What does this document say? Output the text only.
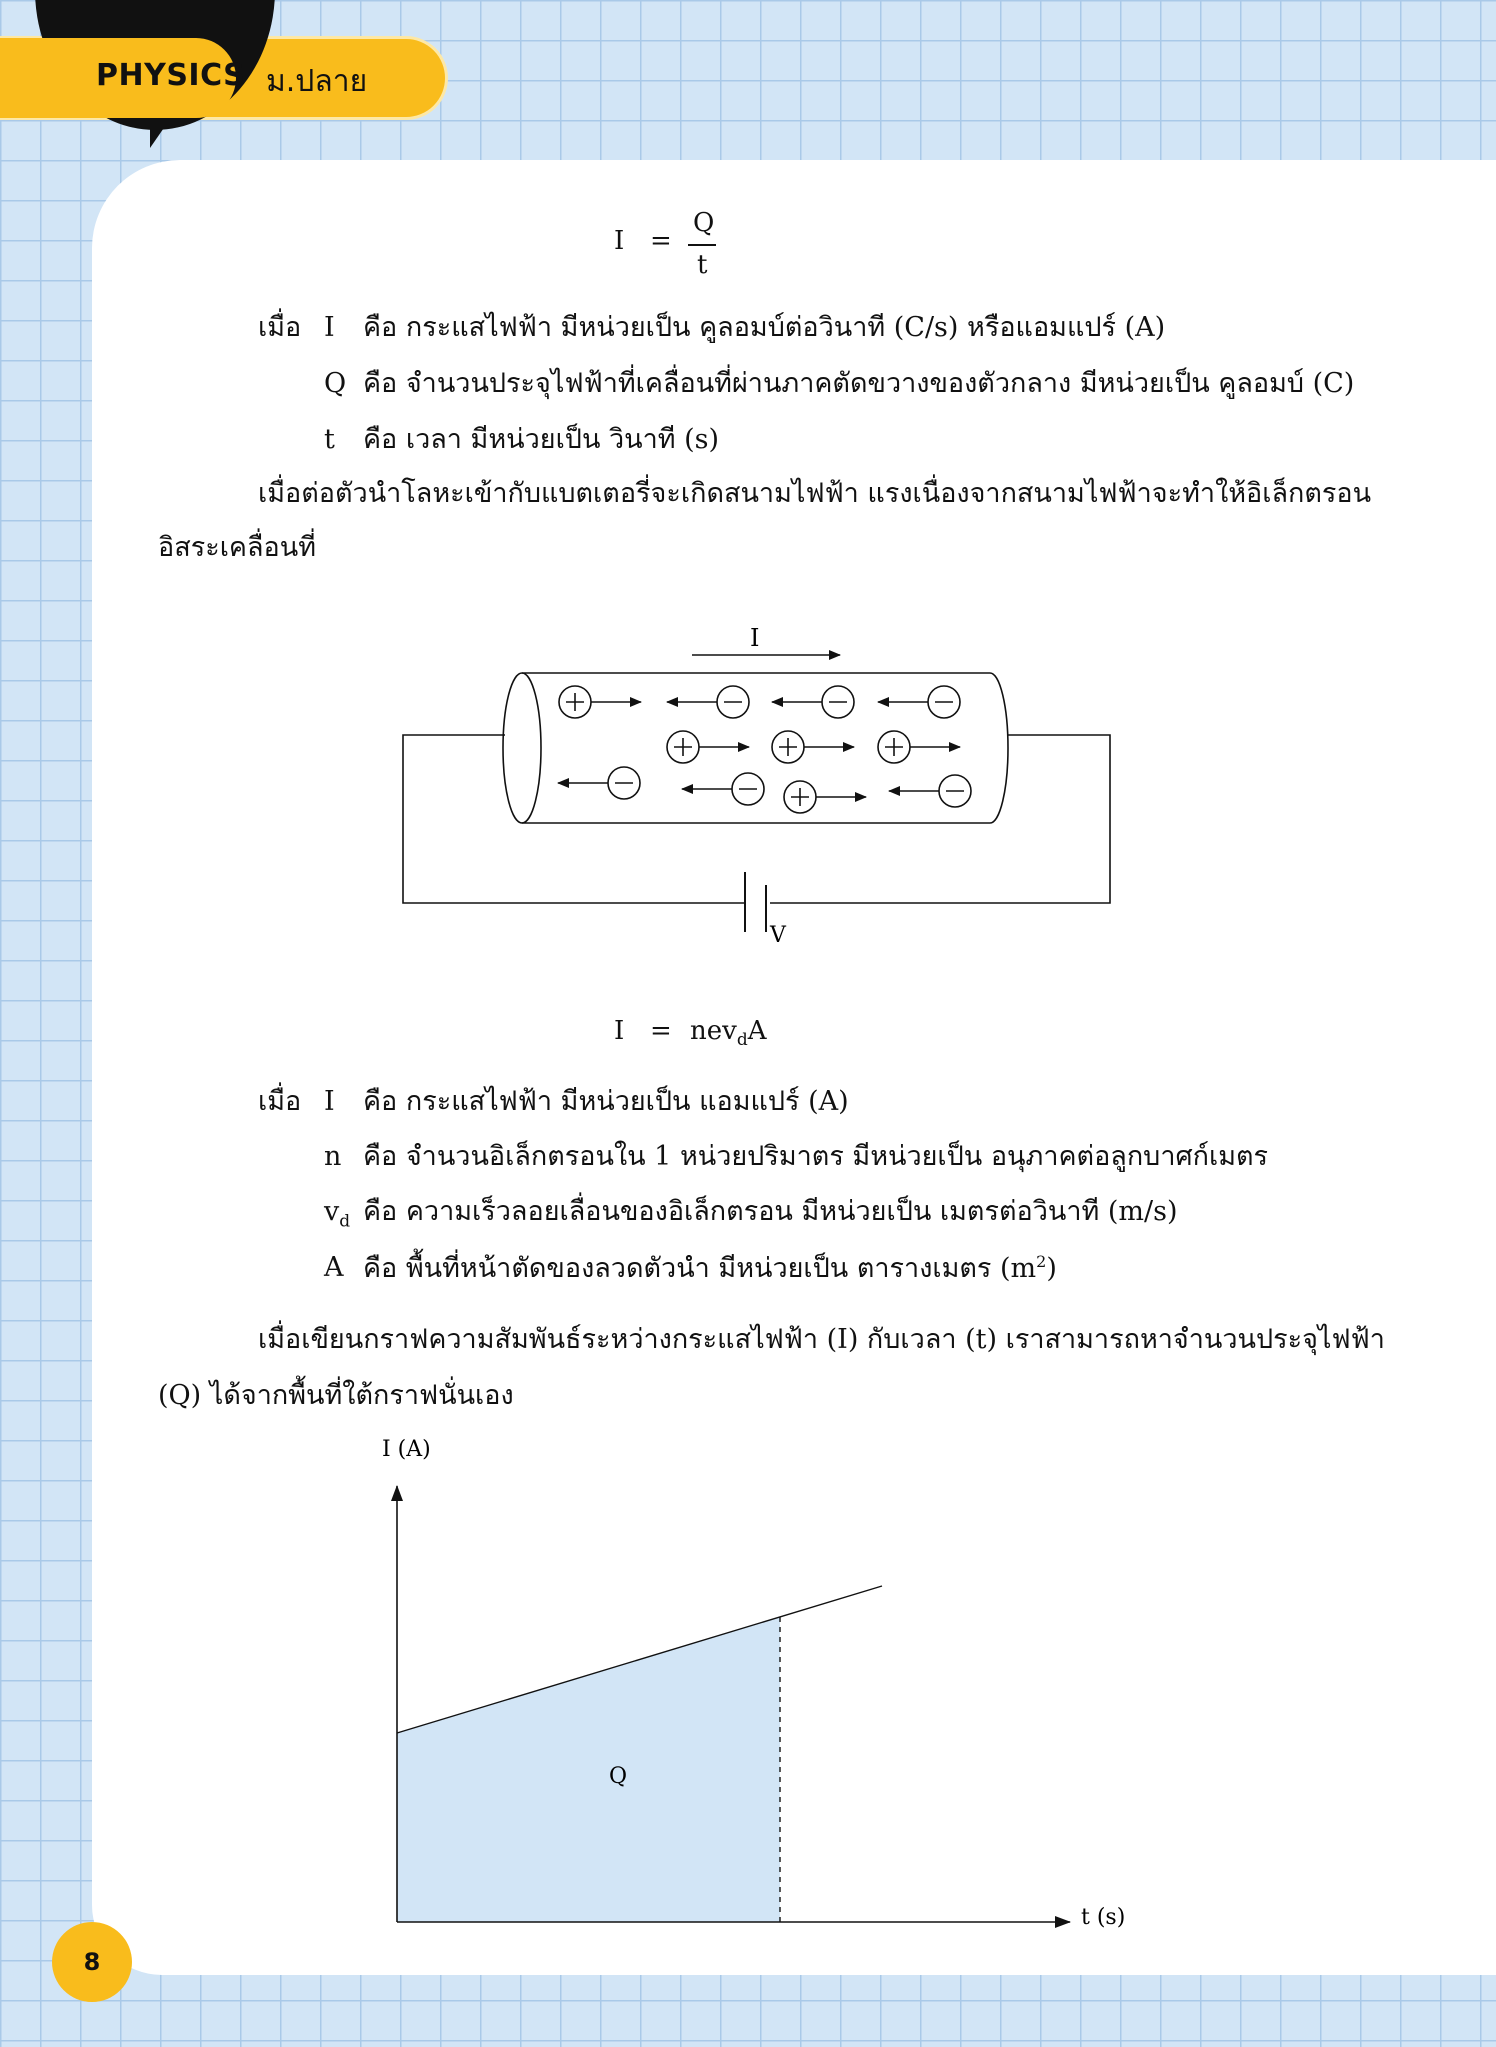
PHYSICS ม.ปลาย
I =
Q
t
เมื่อ I คือ กระแสไฟฟ้า มีหน่วยเป็น คูลอมบ์ต่อวินาที (C/s) หรือแอมแปร์ (A)
Q คือ จำนวนประจุไฟฟ้าที่เคลื่อนที่ผ่านภาคตัดขวางของตัวกลาง มีหน่วยเป็น คูลอมบ์ (C)
t คือ เวลา มีหน่วยเป็น วินาที (s)
เมื่อต่อตัวนำโลหะเข้ากับแบตเตอรี่จะเกิดสนามไฟฟ้า แรงเนื่องจากสนามไฟฟ้าจะทำให้อิเล็กตรอน
อิสระเคลื่อนที่
I
V
I = nev$_d$A
เมื่อ I คือ กระแสไฟฟ้า มีหน่วยเป็น แอมแปร์ (A)
n คือ จำนวนอิเล็กตรอนใน 1 หน่วยปริมาตร มีหน่วยเป็น อนุภาคต่อลูกบาศก์เมตร
$v_d$ คือ ความเร็วลอยเลื่อนของอิเล็กตรอน มีหน่วยเป็น เมตรต่อวินาที (m/s)
A คือ พื้นที่หน้าตัดของลวดตัวนำ มีหน่วยเป็น ตารางเมตร $(m^2)$
เมื่อเขียนกราฟความสัมพันธ์ระหว่างกระแสไฟฟ้า (I) กับเวลา (t) เราสามารถหาจำนวนประจุไฟฟ้า
(Q) ได้จากพื้นที่ใต้กราฟนั่นเอง
I (A)
t (s)
Q
8
